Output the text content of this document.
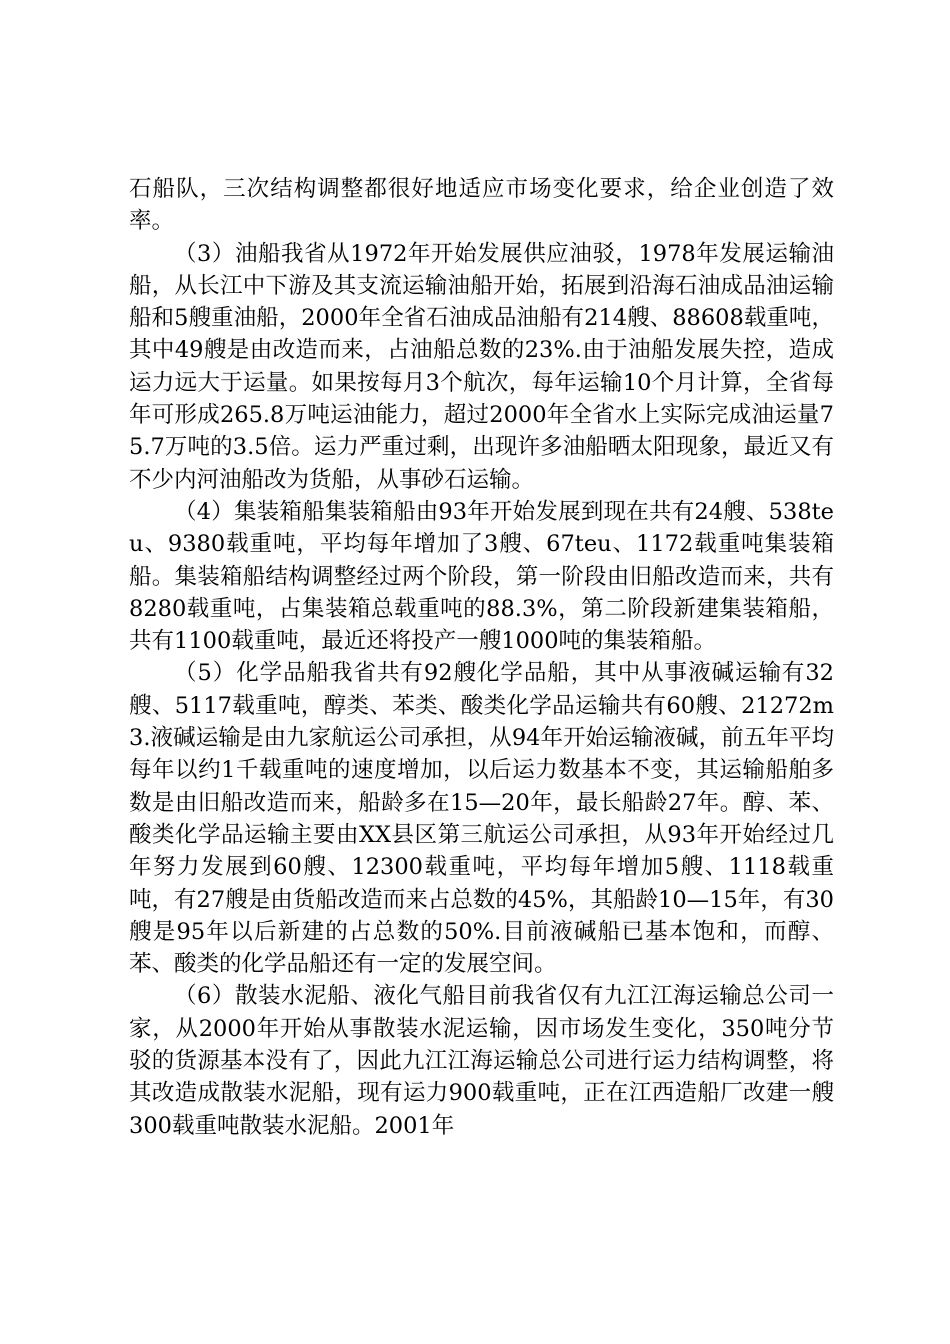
石船队，三次结构调整都很好地适应市场变化要求，给企业创造了效率。

（3）油船我省从1972年开始发展供应油驳，1978年发展运输油船，从长江中下游及其支流运输油船开始，拓展到沿海石油成品油运输船和5艘重油船，2000年全省石油成品油船有214艘、88608载重吨，其中49艘是由改造而来，占油船总数的23%.由于油船发展失控，造成运力远大于运量。如果按每月3个航次，每年运输10个月计算，全省每年可形成265.8万吨运油能力，超过2000年全省水上实际完成油运量75.7万吨的3.5倍。运力严重过剩，出现许多油船晒太阳现象，最近又有不少内河油船改为货船，从事砂石运输。

（4）集装箱船集装箱船由93年开始发展到现在共有24艘、538teu、9380载重吨，平均每年增加了3艘、67teu、1172载重吨集装箱船。集装箱船结构调整经过两个阶段，第一阶段由旧船改造而来，共有8280载重吨，占集装箱总载重吨的88.3%，第二阶段新建集装箱船，共有1100载重吨，最近还将投产一艘1000吨的集装箱船。

（5）化学品船我省共有92艘化学品船，其中从事液碱运输有32艘、5117载重吨，醇类、苯类、酸类化学品运输共有60艘、21272m3.液碱运输是由九家航运公司承担，从94年开始运输液碱，前五年平均每年以约1千载重吨的速度增加，以后运力数基本不变，其运输船舶多数是由旧船改造而来，船龄多在15—20年，最长船龄27年。醇、苯、酸类化学品运输主要由XX县区第三航运公司承担，从93年开始经过几年努力发展到60艘、12300载重吨，平均每年增加5艘、1118载重吨，有27艘是由货船改造而来占总数的45%，其船龄10—15年，有30艘是95年以后新建的占总数的50%.目前液碱船已基本饱和，而醇、苯、酸类的化学品船还有一定的发展空间。

（6）散装水泥船、液化气船目前我省仅有九江江海运输总公司一家，从2000年开始从事散装水泥运输，因市场发生变化，350吨分节驳的货源基本没有了，因此九江江海运输总公司进行运力结构调整，将其改造成散装水泥船，现有运力900载重吨，正在江西造船厂改建一艘300载重吨散装水泥船。2001年
